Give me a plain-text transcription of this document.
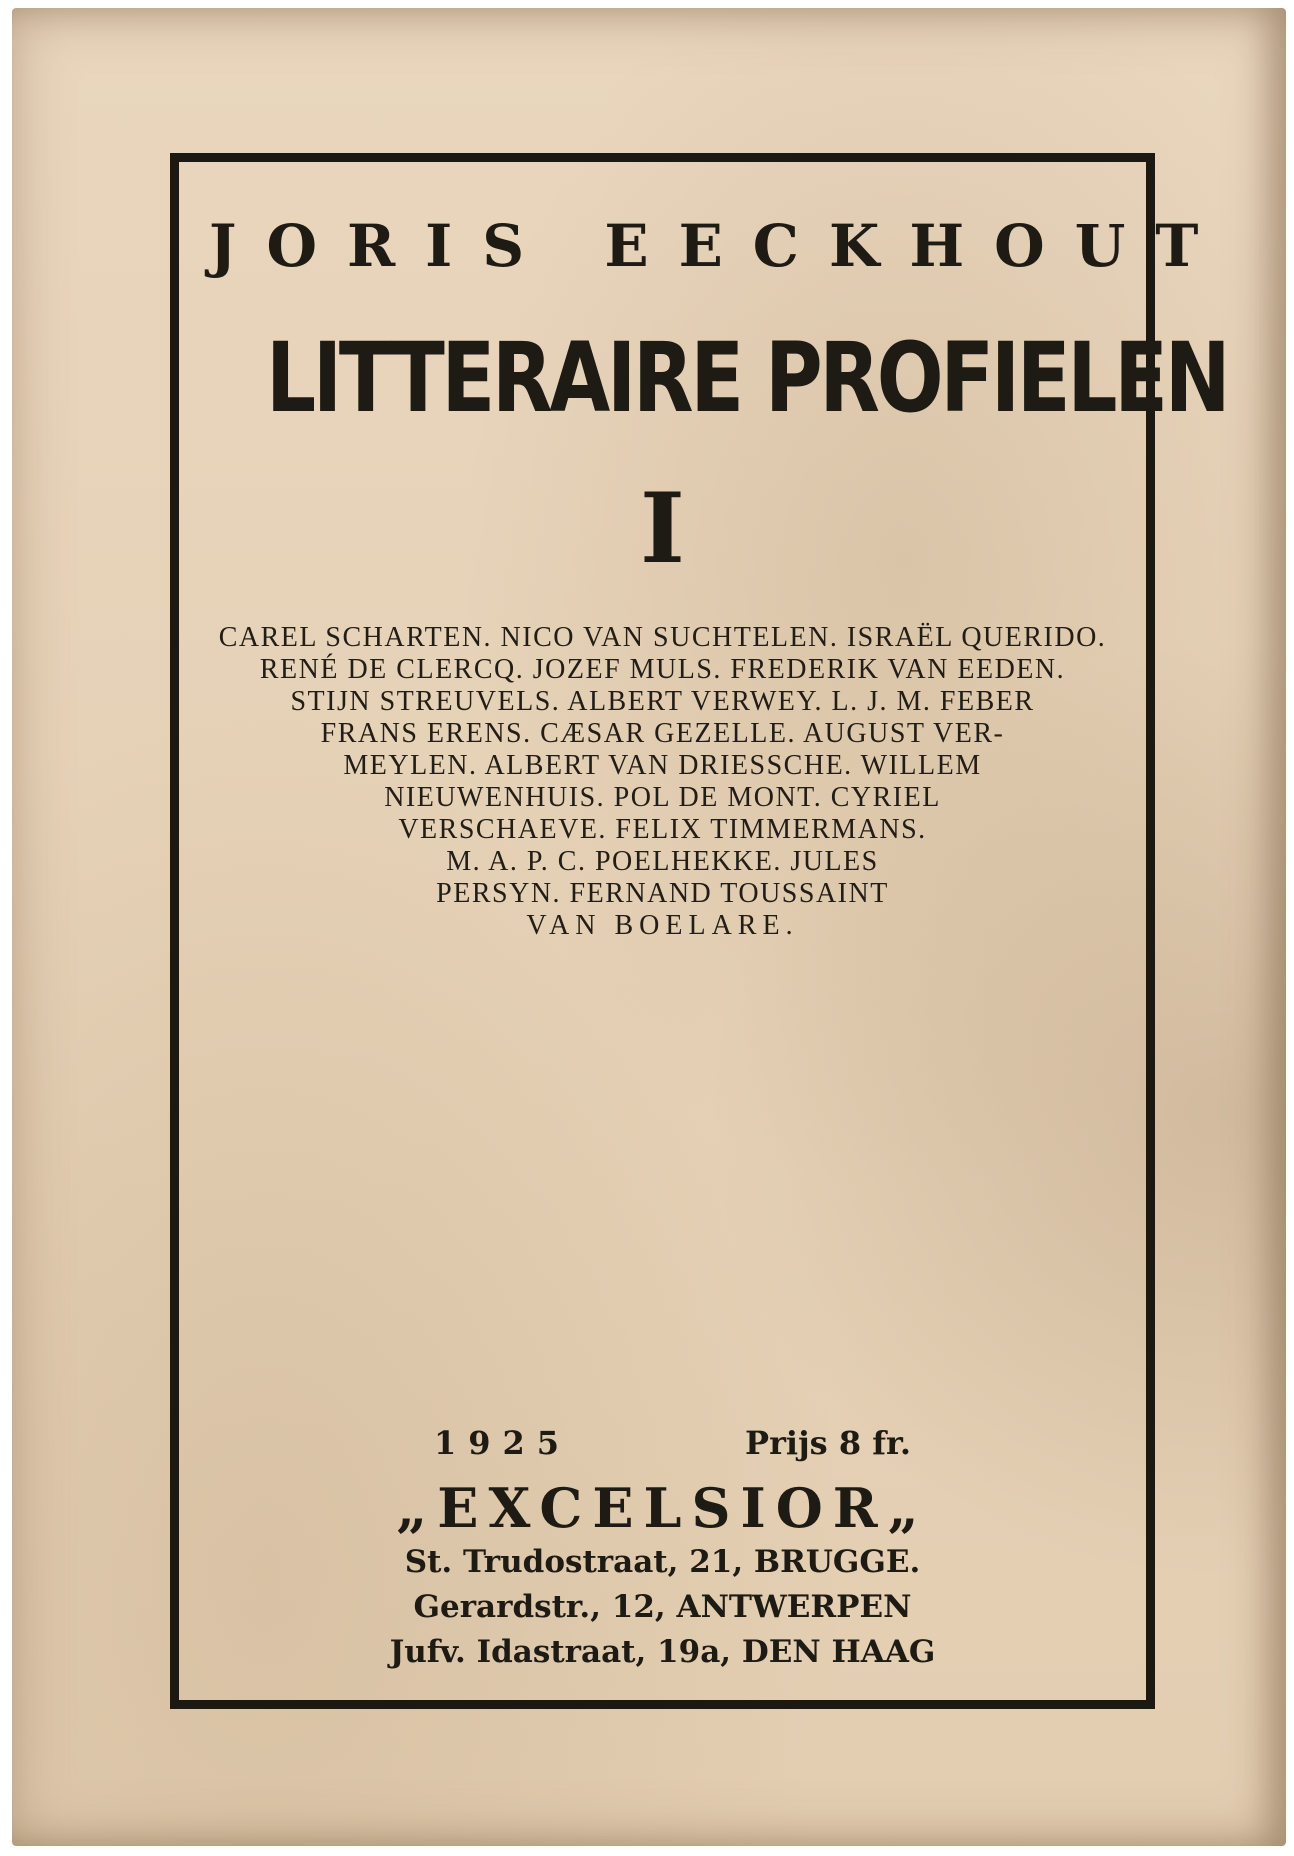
JORIS EECKHOUT
LITTERAIRE PROFIELEN
I
CAREL SCHARTEN. NICO VAN SUCHTELEN. ISRAËL QUERIDO.
RENÉ DE CLERCQ. JOZEF MULS. FREDERIK VAN EEDEN.
STIJN STREUVELS. ALBERT VERWEY. L. J. M. FEBER
FRANS ERENS. CÆSAR GEZELLE. AUGUST VER-
MEYLEN. ALBERT VAN DRIESSCHE. WILLEM
NIEUWENHUIS. POL DE MONT. CYRIEL
VERSCHAEVE. FELIX TIMMERMANS.
M. A. P. C. POELHEKKE. JULES
PERSYN. FERNAND TOUSSAINT
VAN BOELARE.
1925	Prijs 8 fr.
„EXCELSIOR„
St. Trudostraat, 21, BRUGGE.
Gerardstr., 12, ANTWERPEN
Jufv. Idastraat, 19a, DEN HAAG
